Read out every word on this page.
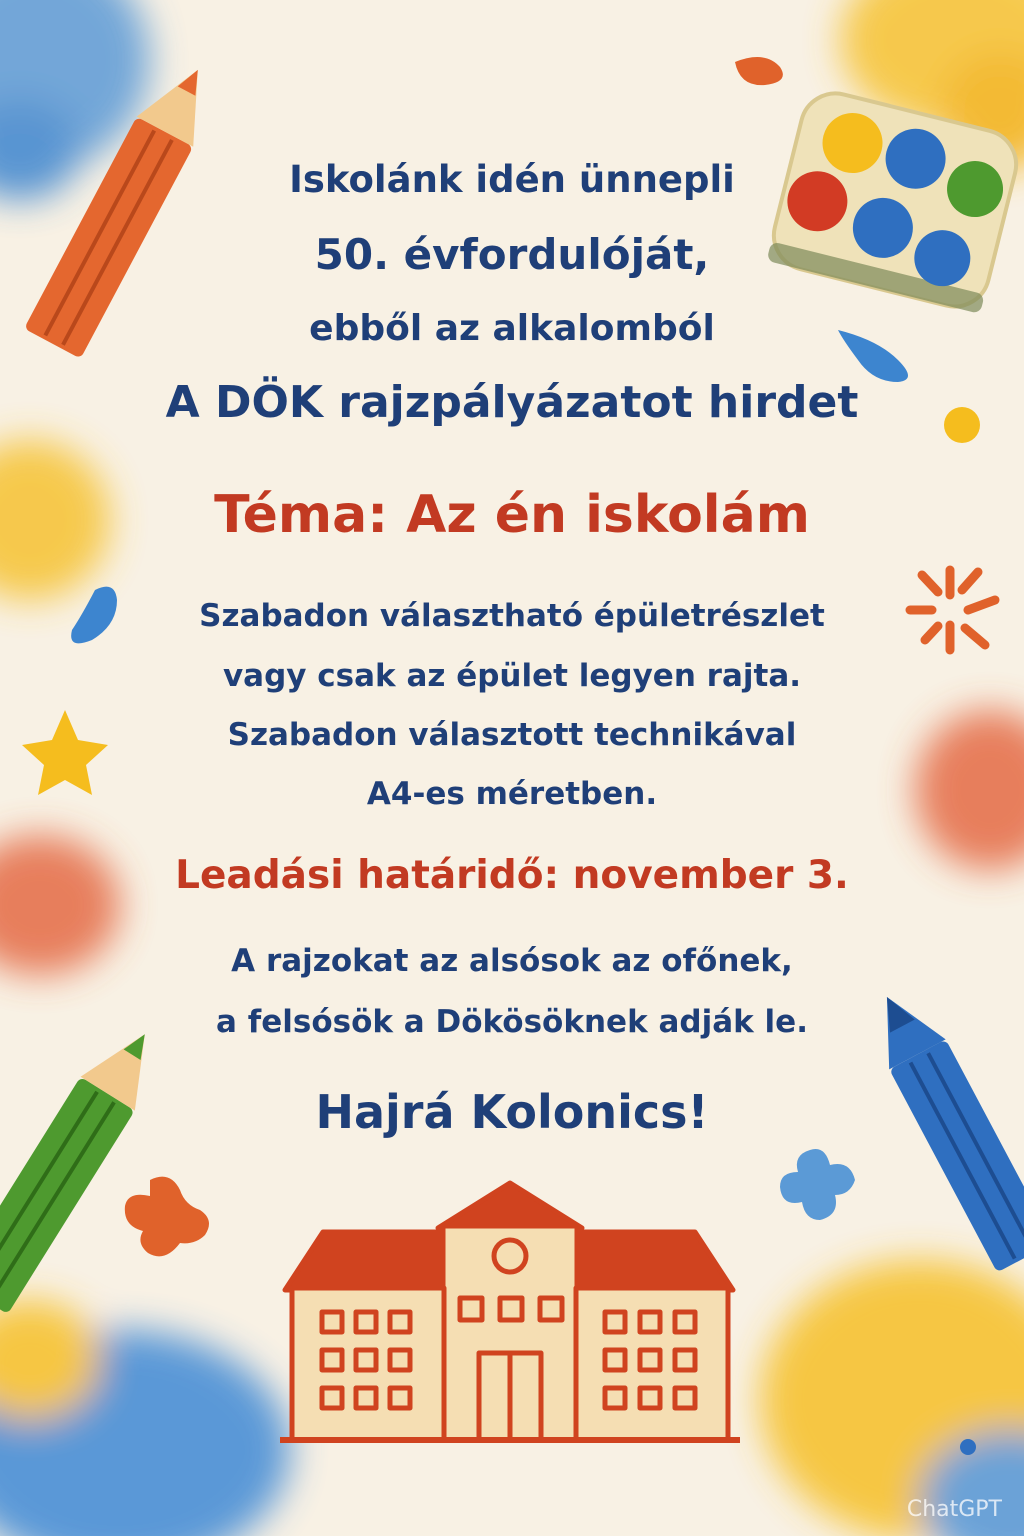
Iskolánk idén ünnepli
50. évfordulóját,
ebből az alkalomból
A DÖK rajzpályázatot hirdet
Téma: Az én iskolám
Szabadon választható épületrészlet
vagy csak az épület legyen rajta.
Szabadon választott technikával
A4-es méretben.
Leadási határidő: november 3.
A rajzokat az alsósok az ofőnek,
a felsósök a Dökösöknek adják le.
Hajrá Kolonics!
ChatGPT
